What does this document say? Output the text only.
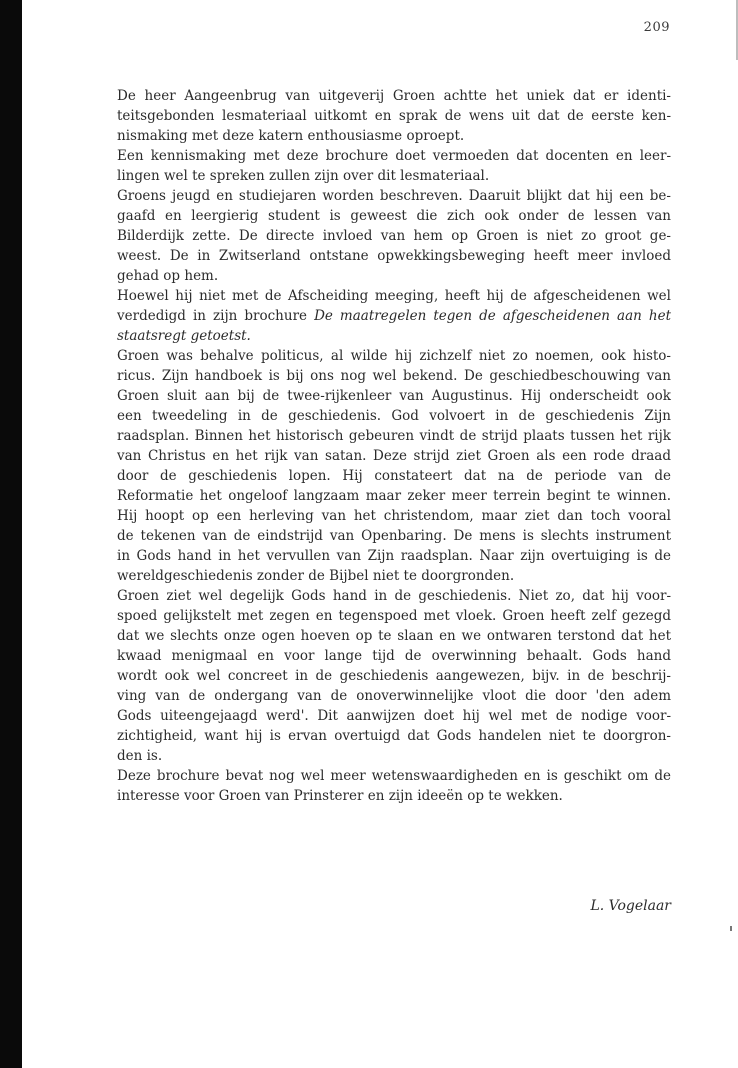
209
De heer Aangeenbrug van uitgeverij Groen achtte het uniek dat er identi-
teitsgebonden lesmateriaal uitkomt en sprak de wens uit dat de eerste ken-
nismaking met deze katern enthousiasme oproept.
Een kennismaking met deze brochure doet vermoeden dat docenten en leer-
lingen wel te spreken zullen zijn over dit lesmateriaal.
Groens jeugd en studiejaren worden beschreven. Daaruit blijkt dat hij een be-
gaafd en leergierig student is geweest die zich ook onder de lessen van
Bilderdijk zette. De directe invloed van hem op Groen is niet zo groot ge-
weest. De in Zwitserland ontstane opwekkingsbeweging heeft meer invloed
gehad op hem.
Hoewel hij niet met de Afscheiding meeging, heeft hij de afgescheidenen wel
verdedigd in zijn brochure De maatregelen tegen de afgescheidenen aan het
staatsregt getoetst.
Groen was behalve politicus, al wilde hij zichzelf niet zo noemen, ook histo-
ricus. Zijn handboek is bij ons nog wel bekend. De geschiedbeschouwing van
Groen sluit aan bij de twee-rijkenleer van Augustinus. Hij onderscheidt ook
een tweedeling in de geschiedenis. God volvoert in de geschiedenis Zijn
raadsplan. Binnen het historisch gebeuren vindt de strijd plaats tussen het rijk
van Christus en het rijk van satan. Deze strijd ziet Groen als een rode draad
door de geschiedenis lopen. Hij constateert dat na de periode van de
Reformatie het ongeloof langzaam maar zeker meer terrein begint te winnen.
Hij hoopt op een herleving van het christendom, maar ziet dan toch vooral
de tekenen van de eindstrijd van Openbaring. De mens is slechts instrument
in Gods hand in het vervullen van Zijn raadsplan. Naar zijn overtuiging is de
wereldgeschiedenis zonder de Bijbel niet te doorgronden.
Groen ziet wel degelijk Gods hand in de geschiedenis. Niet zo, dat hij voor-
spoed gelijkstelt met zegen en tegenspoed met vloek. Groen heeft zelf gezegd
dat we slechts onze ogen hoeven op te slaan en we ontwaren terstond dat het
kwaad menigmaal en voor lange tijd de overwinning behaalt. Gods hand
wordt ook wel concreet in de geschiedenis aangewezen, bijv. in de beschrij-
ving van de ondergang van de onoverwinnelijke vloot die door 'den adem
Gods uiteengejaagd werd'. Dit aanwijzen doet hij wel met de nodige voor-
zichtigheid, want hij is ervan overtuigd dat Gods handelen niet te doorgron-
den is.
Deze brochure bevat nog wel meer wetenswaardigheden en is geschikt om de
interesse voor Groen van Prinsterer en zijn ideeën op te wekken.
L. Vogelaar
